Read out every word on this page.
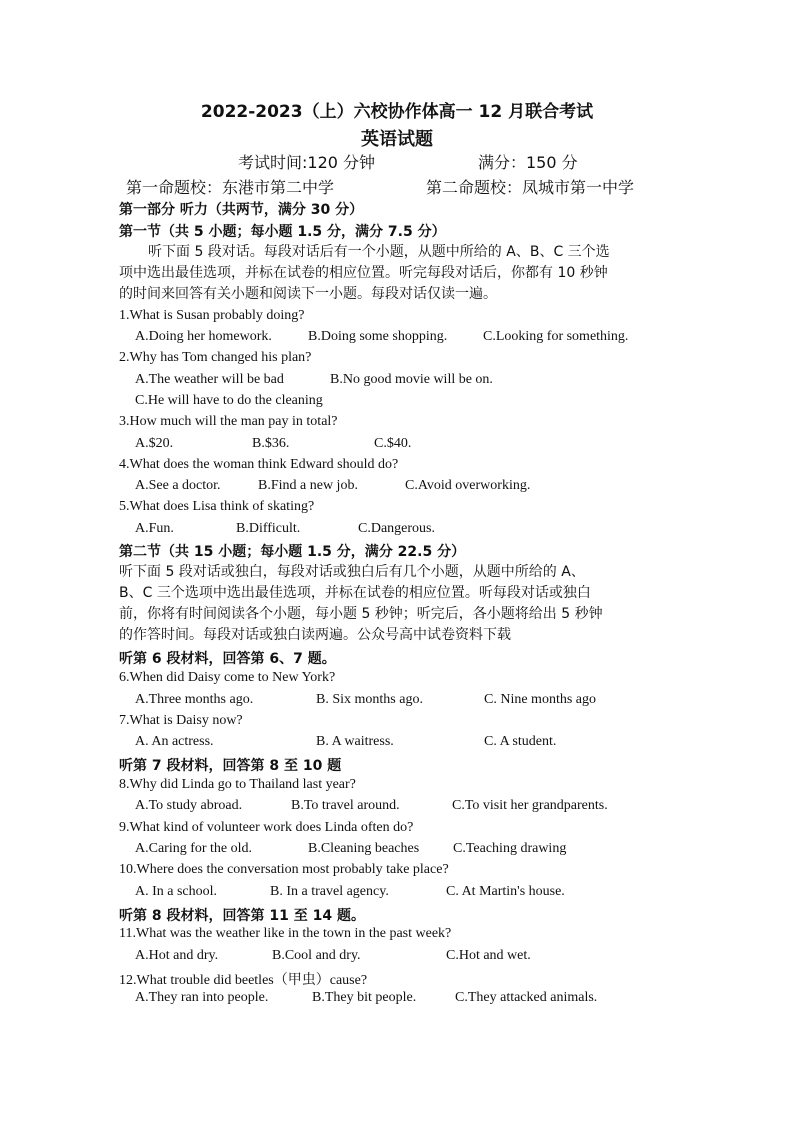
2022-2023（上）六校协作体高一 12 月联合考试
英语试题
考试时间:120 分钟	满分：150 分
第一命题校：东港市第二中学	第二命题校：凤城市第一中学
第一部分 听力（共两节，满分 30 分）
第一节（共 5 小题；每小题 1.5 分，满分 7.5 分）
听下面 5 段对话。每段对话后有一个小题，从题中所给的 A、B、C 三个选
项中选出最佳选项，并标在试卷的相应位置。听完每段对话后，你都有 10 秒钟
的时间来回答有关小题和阅读下一小题。每段对话仅读一遍。
1.What is Susan probably doing?
A.Doing her homework.	B.Doing some shopping.	C.Looking for something.
2.Why has Tom changed his plan?
A.The weather will be bad	B.No good movie will be on.
C.He will have to do the cleaning
3.How much will the man pay in total?
A.$20.	B.$36.	C.$40.
4.What does the woman think Edward should do?
A.See a doctor.	B.Find a new job.	C.Avoid overworking.
5.What does Lisa think of skating?
A.Fun.	B.Difficult.	C.Dangerous.
第二节（共 15 小题；每小题 1.5 分，满分 22.5 分）
听下面 5 段对话或独白，每段对话或独白后有几个小题，从题中所给的 A、
B、C 三个选项中选出最佳选项，并标在试卷的相应位置。听每段对话或独白
前，你将有时间阅读各个小题，每小题 5 秒钟；听完后，各小题将给出 5 秒钟
的作答时间。每段对话或独白读两遍。公众号高中试卷资料下载
听第 6 段材料，回答第 6、7 题。
6.When did Daisy come to New York?
A.Three months ago.	B. Six months ago.	C. Nine months ago
7.What is Daisy now?
A. An actress.	B. A waitress.	C. A student.
听第 7 段材料，回答第 8 至 10 题
8.Why did Linda go to Thailand last year?
A.To study abroad.	B.To travel around.	C.To visit her grandparents.
9.What kind of volunteer work does Linda often do?
A.Caring for the old.	B.Cleaning beaches C.Teaching drawing
10.Where does the conversation most probably take place?
A. In a school.	B. In a travel agency.	C. At Martin's house.
听第 8 段材料，回答第 11 至 14 题。
11.What was the weather like in the town in the past week?
A.Hot and dry.	B.Cool and dry.	C.Hot and wet.
12.What trouble did beetles（甲虫）cause?
A.They ran into people.	B.They bit people.	C.They attacked animals.
